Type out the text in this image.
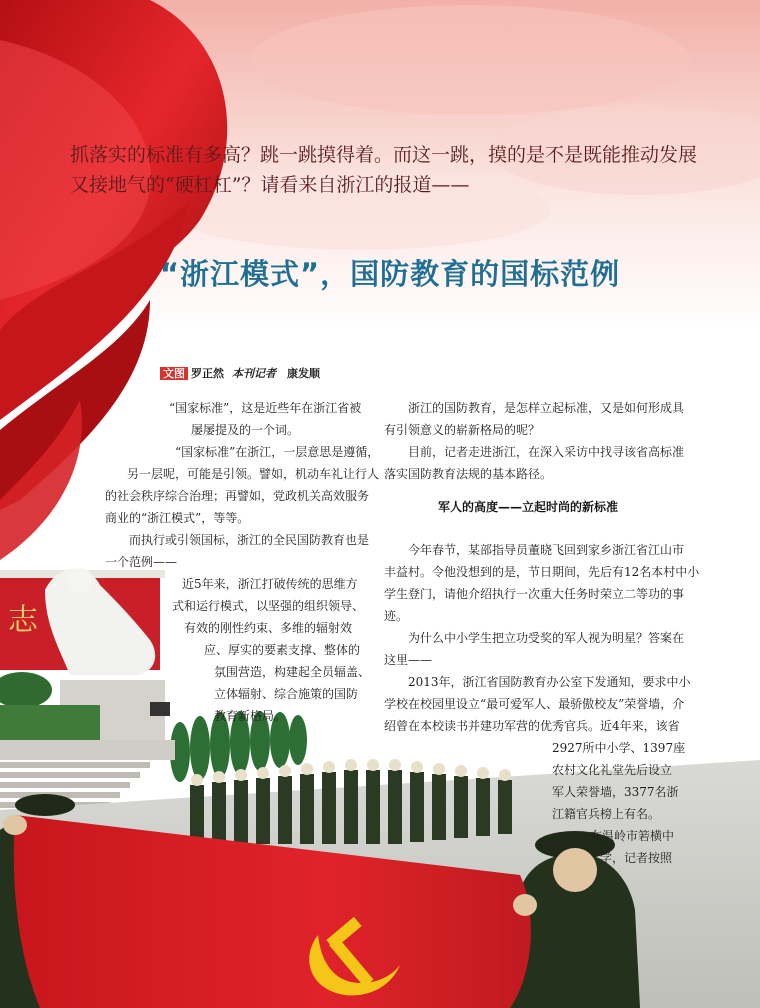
志
抓落实的标准有多高？跳一跳摸得着。而这一跳，摸的是不是既能推动发展
又接地气的“硬杠杠”？请看来自浙江的报道——
“浙江模式”，国防教育的国标范例
文图 罗正然 本刊记者 康发顺
“国家标准”，这是近些年在浙江省被
屡屡提及的一个词。
“国家标准”在浙江，一层意思是遵循，
另一层呢，可能是引领。譬如，机动车礼让行人
的社会秩序综合治理；再譬如，党政机关高效服务
商业的“浙江模式”，等等。
而执行或引领国标，浙江的全民国防教育也是
一个范例——
近5年来，浙江打破传统的思维方
式和运行模式，以坚强的组织领导、
有效的刚性约束、多维的辐射效
应、厚实的要素支撑、整体的
氛围营造，构建起全员辐盖、
立体辐射、综合施策的国防
教育新格局。
浙江的国防教育，是怎样立起标准，又是如何形成具
有引领意义的崭新格局的呢？
目前，记者走进浙江，在深入采访中找寻该省高标准
落实国防教育法规的基本路径。
军人的高度——立起时尚的新标准
今年春节，某部指导员董晓飞回到家乡浙江省江山市
丰益村。令他没想到的是，节日期间，先后有12名本村中小
学生登门，请他介绍执行一次重大任务时荣立二等功的事
迹。
为什么中小学生把立功受奖的军人视为明星？答案在
这里——
2013年，浙江省国防教育办公室下发通知，要求中小
学校在校园里设立“最可爱军人、最骄傲校友”荣誉墙，介
绍曾在本校读书并建功军营的优秀官兵。近4年来，该省
2927所中小学、1397座
农村文化礼堂先后设立
军人荣誉墙，3377名浙
江籍官兵榜上有名。
在温岭市箬横中
学，记者按照
